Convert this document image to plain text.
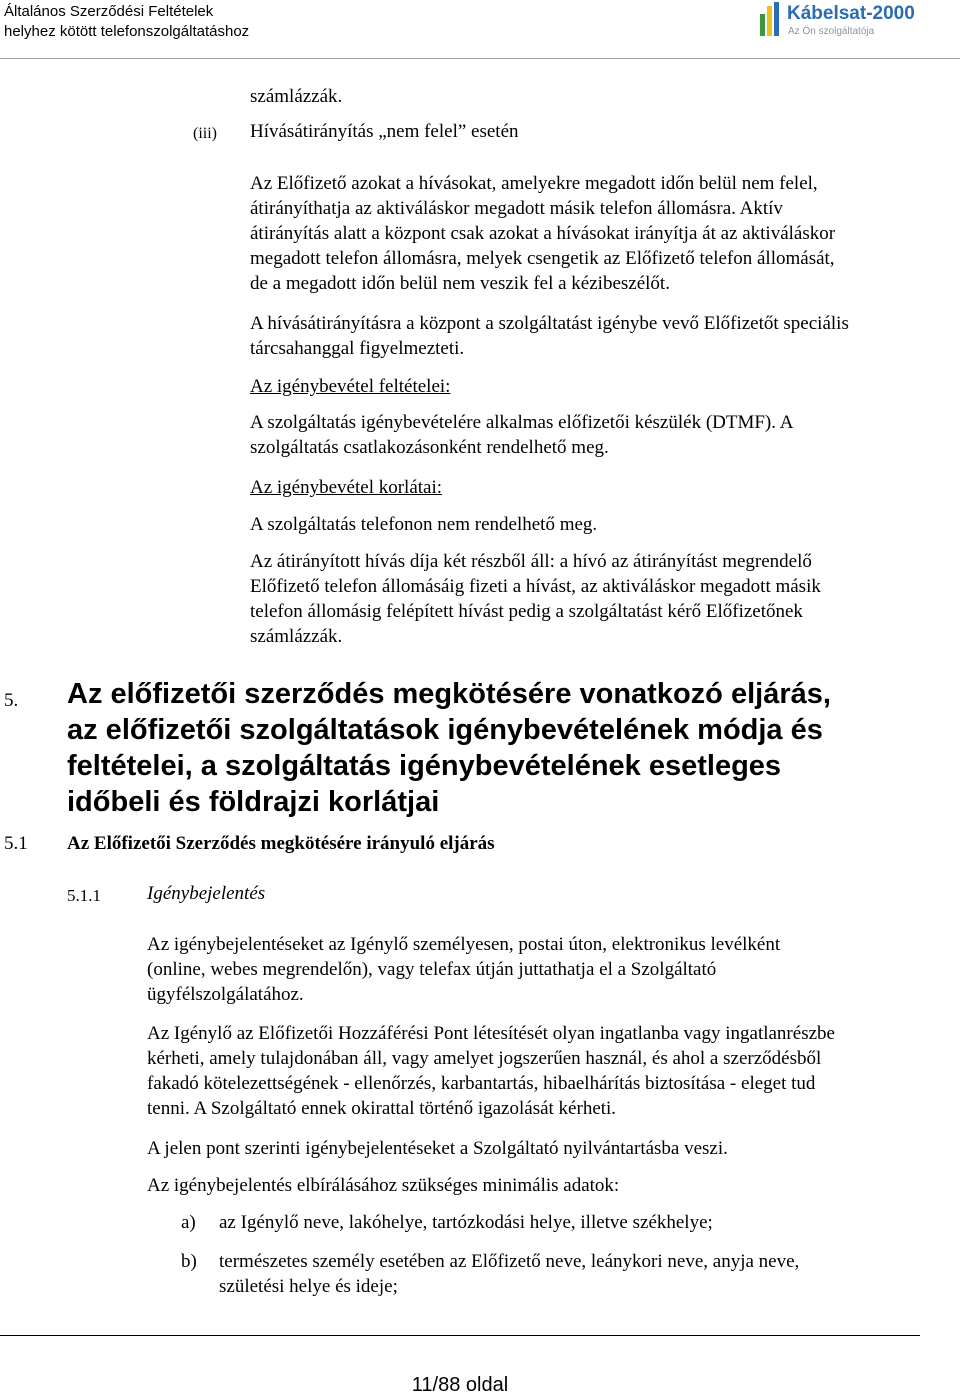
Általános Szerződési Feltételek
helyhez kötött telefonszolgáltatáshoz
Kábelsat-2000
Az Ön szolgáltatója
számlázzák.
(iii) Hívásátirányítás „nem felel” esetén
Az Előfizető azokat a hívásokat, amelyekre megadott időn belül nem felel,
átirányíthatja az aktiváláskor megadott másik telefon állomásra. Aktív
átirányítás alatt a központ csak azokat a hívásokat irányítja át az aktiváláskor
megadott telefon állomásra, melyek csengetik az Előfizető telefon állomását,
de a megadott időn belül nem veszik fel a kézibeszélőt.
A hívásátirányításra a központ a szolgáltatást igénybe vevő Előfizetőt speciális
tárcsahanggal figyelmezteti.
Az igénybevétel feltételei:
A szolgáltatás igénybevételére alkalmas előfizetői készülék (DTMF). A
szolgáltatás csatlakozásonként rendelhető meg.
Az igénybevétel korlátai:
A szolgáltatás telefonon nem rendelhető meg.
Az átirányított hívás díja két részből áll: a hívó az átirányítást megrendelő
Előfizető telefon állomásáig fizeti a hívást, az aktiváláskor megadott másik
telefon állomásig felépített hívást pedig a szolgáltatást kérő Előfizetőnek
számlázzák.
5. Az előfizetői szerződés megkötésére vonatkozó eljárás,
az előfizetői szolgáltatások igénybevételének módja és
feltételei, a szolgáltatás igénybevételének esetleges
időbeli és földrajzi korlátjai
5.1 Az Előfizetői Szerződés megkötésére irányuló eljárás
5.1.1 Igénybejelentés
Az igénybejelentéseket az Igénylő személyesen, postai úton, elektronikus levélként
(online, webes megrendelőn), vagy telefax útján juttathatja el a Szolgáltató
ügyfélszolgálatához.
Az Igénylő az Előfizetői Hozzáférési Pont létesítését olyan ingatlanba vagy ingatlanrészbe
kérheti, amely tulajdonában áll, vagy amelyet jogszerűen használ, és ahol a szerződésből
fakadó kötelezettségének - ellenőrzés, karbantartás, hibaelhárítás biztosítása - eleget tud
tenni. A Szolgáltató ennek okirattal történő igazolását kérheti.
A jelen pont szerinti igénybejelentéseket a Szolgáltató nyilvántartásba veszi.
Az igénybejelentés elbírálásához szükséges minimális adatok:
a) az Igénylő neve, lakóhelye, tartózkodási helye, illetve székhelye;
b) természetes személy esetében az Előfizető neve, leánykori neve, anyja neve,
születési helye és ideje;
11/88 oldal
